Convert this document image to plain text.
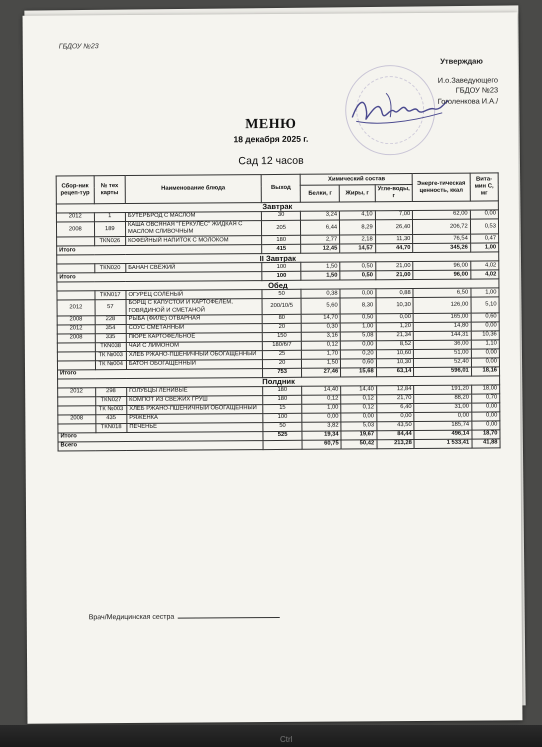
ГБДОУ №23
Утверждаю
И.о.Заведующего
ГБДОУ №23
Гоголенкова И.А./
МЕНЮ
18 декабря 2025 г.
Сад 12 часов
Сбор-ник рецеп-тур	№ тех карты	Наименование блюда	Выход	Химический состав			Энерге-тическая ценность, ккал	Вита-мин С, мг
				Белки, г	Жиры, г	Угле-воды, г		
Завтрак								
2012	1	БУТЕРБРОД С МАСЛОМ	30	3,24	4,10	7,00	62,00	0,00
2008	189	КАША ОВСЯНАЯ "ГЕРКУЛЕС" ЖИДКАЯ С МАСЛОМ СЛИВОЧНЫМ	205	6,44	8,29	26,40	206,72	0,53
	ТКN026	КОФЕЙНЫЙ НАПИТОК С МОЛОКОМ	180	2,77	2,18	11,30	76,54	0,47
Итого			415	12,45	14,57	44,70	345,26	1,00
II Завтрак								
	ТКN020	БАНАН СВЕЖИЙ	100	1,50	0,50	21,00	96,00	4,02
Итого			100	1,50	0,50	21,00	96,00	4,02
Обед								
	ТКN017	ОГУРЕЦ СОЛЕНЫЙ	50	0,38	0,00	0,88	6,50	1,00
2012	57	БОРЩ С КАПУСТОЙ И КАРТОФЕЛЕМ, ГОВЯДИНОЙ И СМЕТАНОЙ	200/10/5	5,60	8,30	10,30	126,00	5,10
2008	228	РЫБА (ФИЛЕ) ОТВАРНАЯ	80	14,70	0,50	0,00	165,00	0,60
2012	354	СОУС СМЕТАННЫЙ	20	0,30	1,00	1,20	14,80	0,00
2008	335	ПЮРЕ КАРТОФЕЛЬНОЕ	150	3,16	5,08	21,34	144,31	10,36
	ТКN038	ЧАЙ С ЛИМОНОМ	180/6/7	0,12	0,00	8,52	36,00	1,10
	ТК №003	ХЛЕБ РЖАНО-ПШЕНИЧНЫЙ ОБОГАЩЕННЫЙ	25	1,70	0,20	10,60	51,00	0,00
	ТК №004	БАТОН ОБОГАЩЕННЫЙ	20	1,50	0,60	10,30	52,40	0,00
Итого			753	27,46	15,68	63,14	596,01	18,16
Полдник								
2012	298	ГОЛУБЦЫ ЛЕНИВЫЕ	180	14,40	14,40	12,84	191,20	18,00
	ТКN027	КОМПОТ ИЗ СВЕЖИХ ГРУШ	180	0,12	0,12	21,70	88,20	0,70
	ТК №003	ХЛЕБ РЖАНО-ПШЕНИЧНЫЙ ОБОГАЩЕННЫЙ	15	1,00	0,12	6,40	31,00	0,00
2008	435	РЯЖЕНКА	100	0,00	0,00	0,00	0,00	0,00
	ТКN018	ПЕЧЕНЬЕ	50	3,82	5,03	43,50	185,74	0,00
Итого			525	19,34	19,67	84,44	496,14	18,70
Всего				60,75	50,42	213,28	1 533,41	41,88
Врач/Медицинская сестра
Ctrl
